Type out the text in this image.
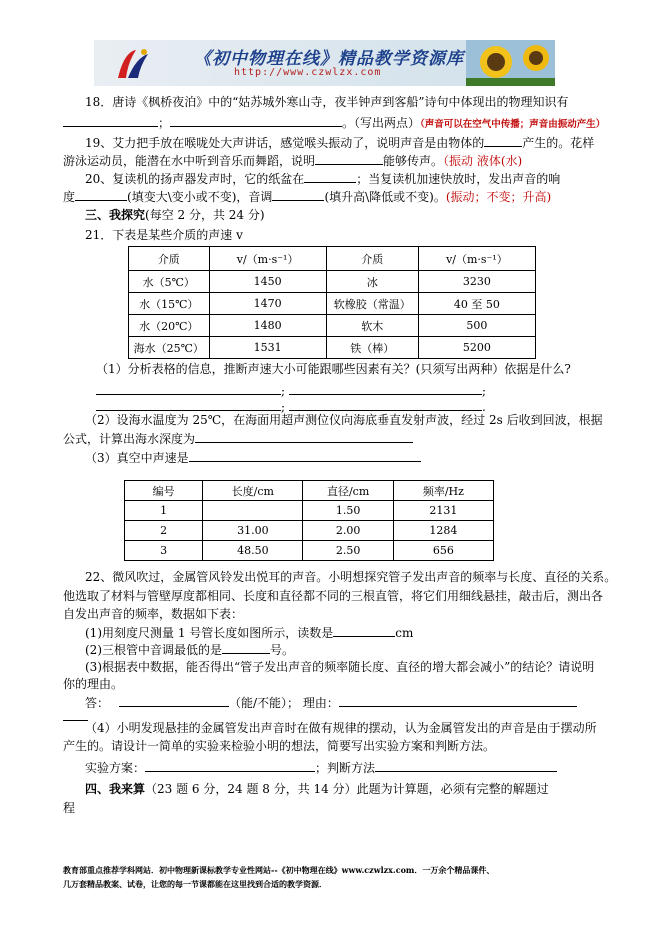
《初中物理在线》精品教学资源库
http://www.czwlzx.com
18．唐诗《枫桥夜泊》中的“姑苏城外寒山寺，夜半钟声到客船”诗句中体现出的物理知识有
；	。（写出两点）（声音可以在空气中传播；声音由振动产生）
19、艾力把手放在喉咙处大声讲话，感觉喉头振动了，说明声音是由物体的	产生的。花样
游泳运动员，能潜在水中听到音乐而舞蹈，说明	能够传声。（振动 液体(水)
20、复读机的扬声器发声时，它的纸盆在	；当复读机加速快放时，发出声音的响
度	(填变大\变小或不变)，音调	(填升高\降低或不变)。(振动；不变；升高)
三、我探究(每空 2 分，共 24 分)
21．下表是某些介质的声速 v
介质	v/（m·s⁻¹）	介质	v/（m·s⁻¹）
水（5℃）	1450	冰	3230
水（15℃）	1470	软橡胶（常温）	40 至 50
水（20℃）	1480	软木	500
海水（25℃）	1531	铁（棒）	5200
（1）分析表格的信息，推断声速大小可能跟哪些因素有关？(只须写出两种）依据是什么?
;	;
;	.
（2）设海水温度为 25℃，在海面用超声测位仪向海底垂直发射声波，经过 2s 后收到回波，根据
公式，计算出海水深度为
（3）真空中声速是
编号	长度/cm	直径/cm	频率/Hz
1		1.50	2131
2	31.00	2.00	1284
3	48.50	2.50	656
22、微风吹过，金属管风铃发出悦耳的声音。小明想探究管子发出声音的频率与长度、直径的关系。
他选取了材料与管壁厚度都相同、长度和直径都不同的三根直管，将它们用细线悬挂，敲击后，测出各
自发出声音的频率，数据如下表：
(1)用刻度尺测量 1 号管长度如图所示，读数是	cm
(2)三根管中音调最低的是	号。
(3)根据表中数据，能否得出“管子发出声音的频率随长度、直径的增大都会减小”的结论？请说明
你的理由。
答：	（能/不能）； 理由：
（4）小明发现悬挂的金属管发出声音时在做有规律的摆动，认为金属管发出的声音是由于摆动所
产生的。请设计一简单的实验来检验小明的想法，简要写出实验方案和判断方法。
实验方案：	；判断方法
四、我来算（23 题 6 分，24 题 8 分，共 14 分）此题为计算题，必须有完整的解题过
程
教育部重点推荐学科网站．初中物理新课标教学专业性网站--《初中物理在线》www.czwlzx.com．一万余个精品课件、
几万套精品教案、试卷，让您的每一节课都能在这里找到合适的教学资源．
